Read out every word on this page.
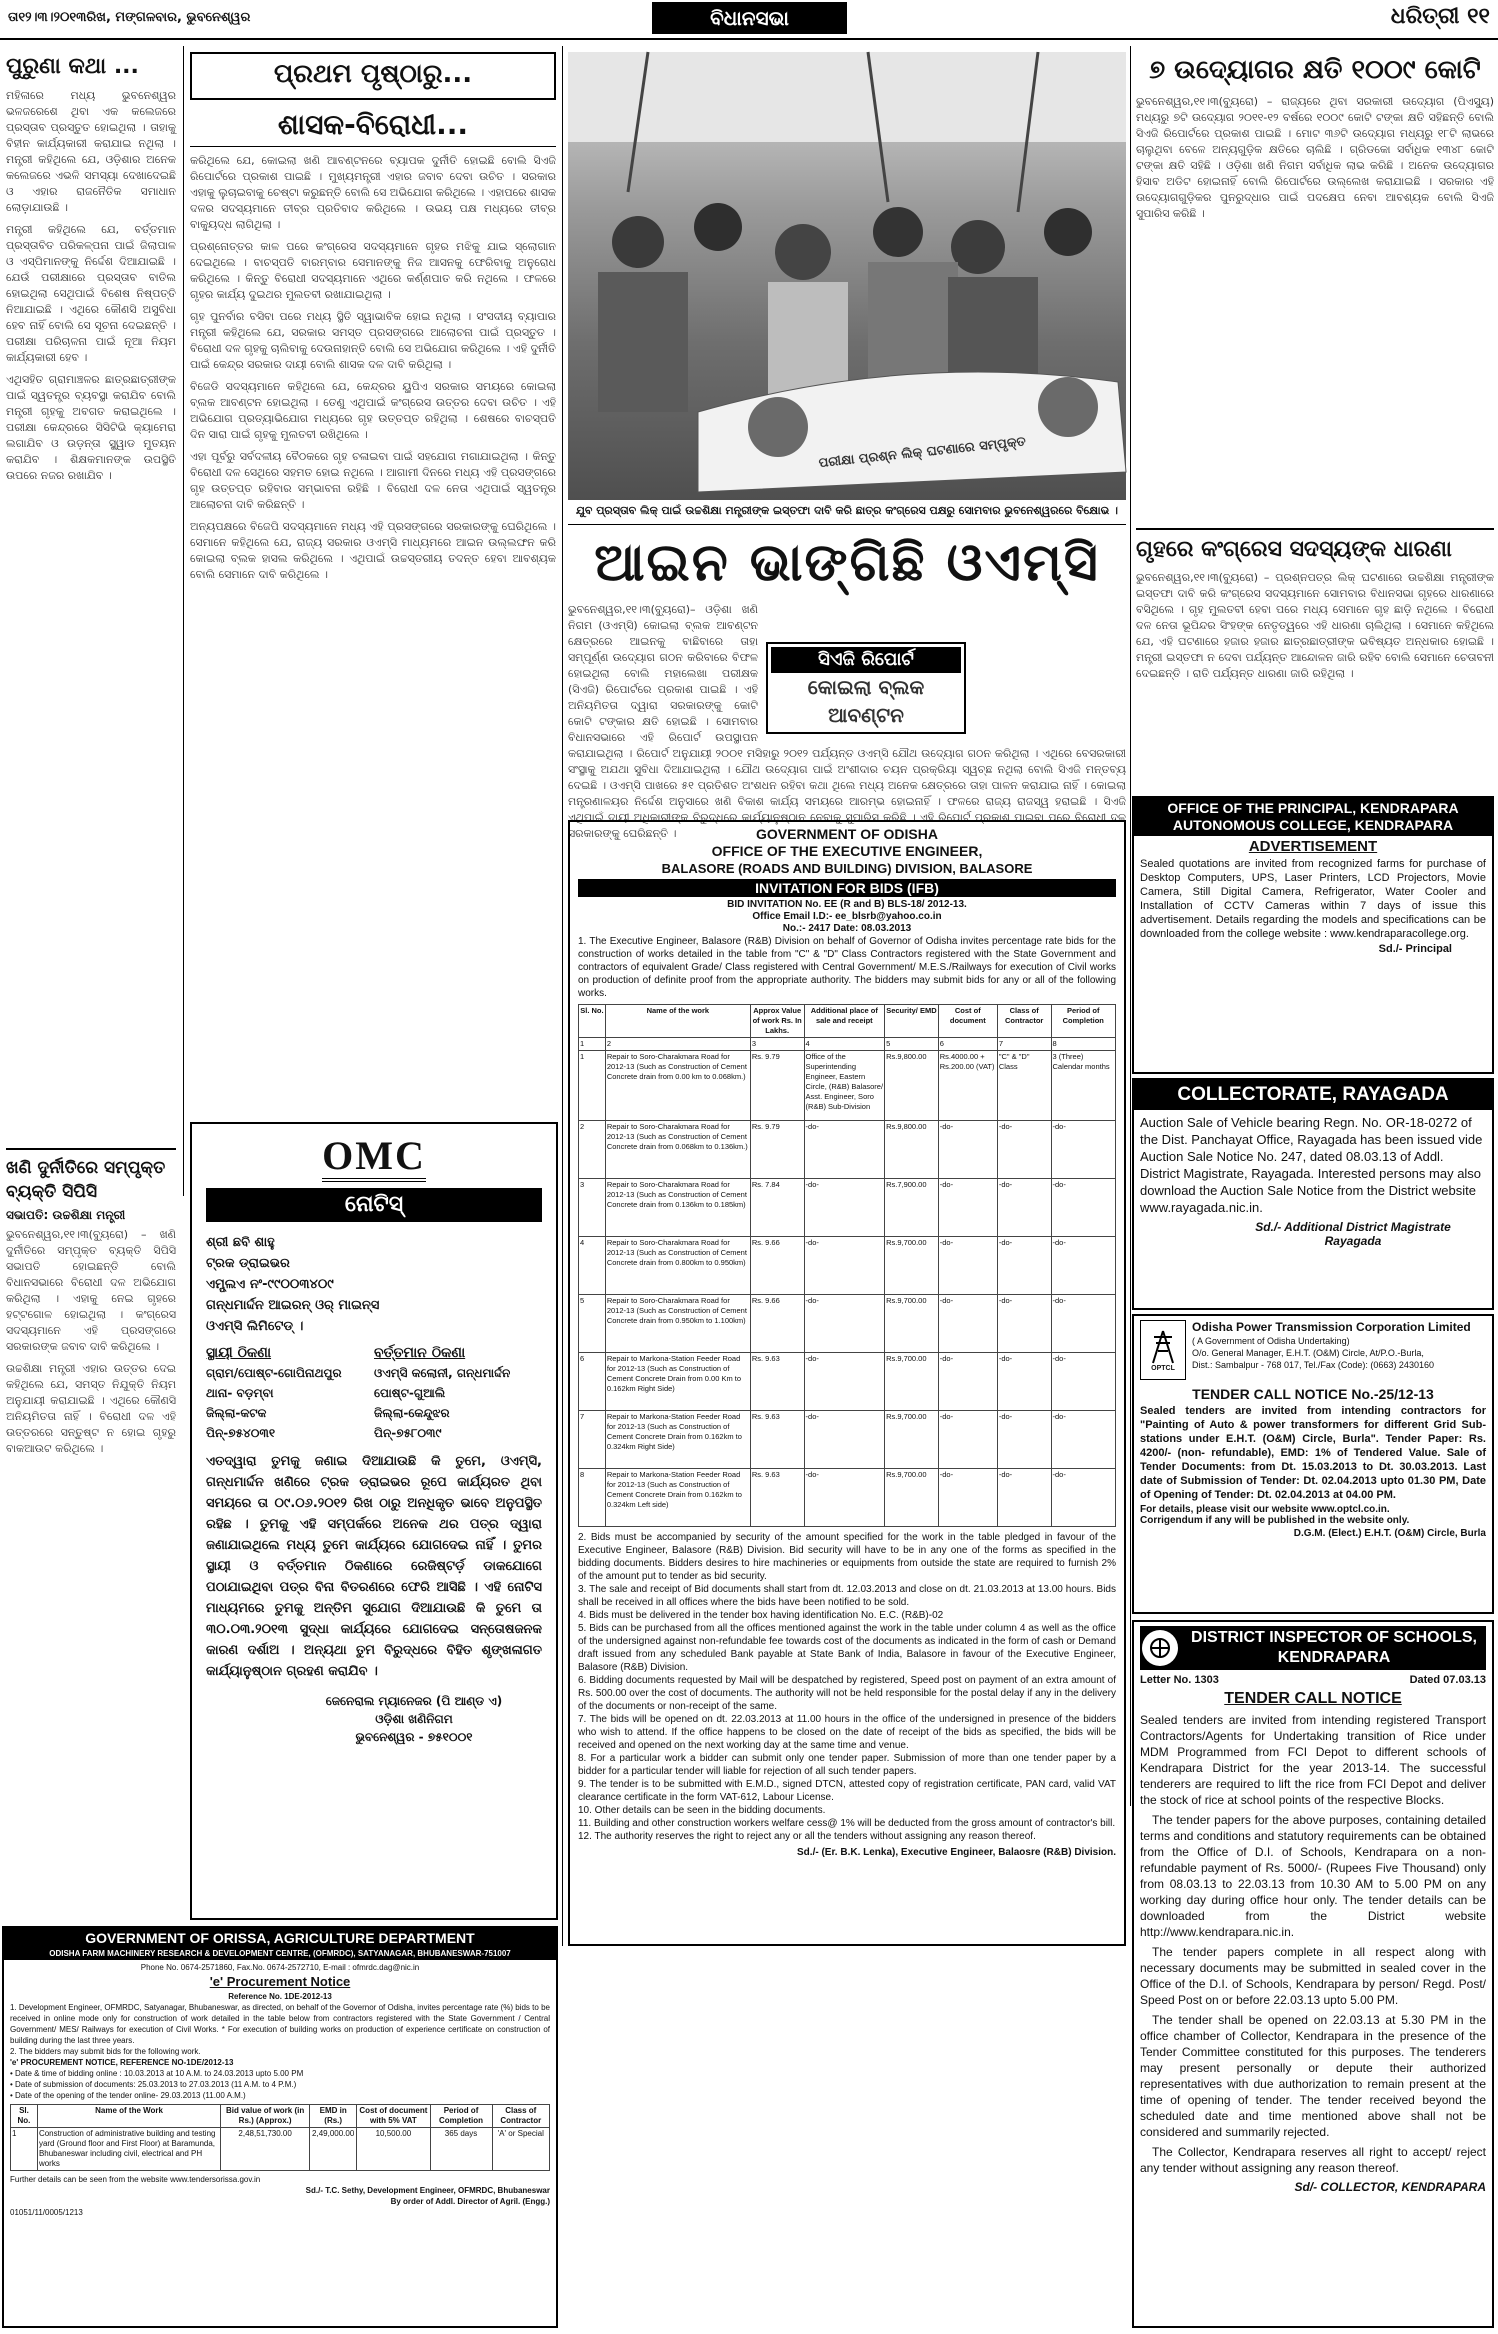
ତା୧୨।୩।୨୦୧୩ରିଖ, ମଙ୍ଗଳବାର, ଭୁବନେଶ୍ୱର	ବିଧାନସଭା	ଧରିତ୍ରୀ ୧୧
ପୁରୁଣା କଥା ...

ମହିଳାରେ ମଧ୍ୟ ଭୁବନେଶ୍ୱର ଭଳଜରେଶେ ଥିବା ଏକ କଲେଜରେ ପ୍ରସ୍ତାବ ପ୍ରସ୍ତୁତ ହୋଇଥିଲା । ତାହାକୁ ବିହୀନ କାର୍ଯ୍ୟକାରୀ କରାଯାଇ ନଥିଲା । ମନ୍ତ୍ରୀ କହିଥିଲେ ଯେ, ଓଡ଼ିଶାର ଅନେକ କଲେଜରେ ଏଭଳି ସମସ୍ୟା ଦେଖାଦେଇଛି ଓ ଏହାର ରାଜନୈତିକ ସମାଧାନ ଲୋଡ଼ାଯାଉଛି ।

ମନ୍ତ୍ରୀ କହିଥିଲେ ଯେ, ବର୍ତ୍ତମାନ ପ୍ରସ୍ତାବିତ ପରିକଳ୍ପନା ପାଇଁ ଜିଲାପାଳ ଓ ଏସ୍ପିମାନଙ୍କୁ ନିର୍ଦ୍ଦେଶ ଦିଆଯାଇଛି । ଯେଉଁ ପରୀକ୍ଷାରେ ପ୍ରସ୍ତାବ ବାତିଲ ହୋଇଥିଲା ସେଥିପାଇଁ ବିଶେଷ ନିଷ୍ପତ୍ତି ନିଆଯାଇଛି । ଏଥିରେ କୌଣସି ଅସୁବିଧା ହେବ ନାହିଁ ବୋଲି ସେ ସୂଚନା ଦେଇଛନ୍ତି । ପରୀକ୍ଷା ପରିଚାଳନା ପାଇଁ ନୂଆ ନିୟମ କାର୍ଯ୍ୟକାରୀ ହେବ ।

ଏଥିସହିତ ଗ୍ରାମାଞ୍ଚଳର ଛାତ୍ରଛାତ୍ରୀଙ୍କ ପାଇଁ ସ୍ୱତନ୍ତ୍ର ବ୍ୟବସ୍ଥା କରାଯିବ ବୋଲି ମନ୍ତ୍ରୀ ଗୃହକୁ ଅବଗତ କରାଇଥିଲେ । ପରୀକ୍ଷା କେନ୍ଦ୍ରରେ ସିସିଟିଭି କ୍ୟାମେରା ଲଗାଯିବ ଓ ଉଡ଼ନ୍ତା ସ୍କ୍ୱାଡ ମୁତୟନ କରାଯିବ । ଶିକ୍ଷକମାନଙ୍କ ଉପସ୍ଥିତି ଉପରେ ନଜର ରଖାଯିବ ।

ଖଣି ଦୁର୍ନୀତିରେ ସମ୍ପୃକ୍ତ ବ୍ୟକ୍ତି ସିପିସି
ସଭାପତି: ଉଚ୍ଚଶିକ୍ଷା ମନ୍ତ୍ରୀ

ଭୁବନେଶ୍ୱର,୧୧।୩(ବ୍ୟୁରୋ) – ଖଣି ଦୁର୍ନୀତିରେ ସମ୍ପୃକ୍ତ ବ୍ୟକ୍ତି ସିପିସି ସଭାପତି ହୋଇଛନ୍ତି ବୋଲି ବିଧାନସଭାରେ ବିରୋଧୀ ଦଳ ଅଭିଯୋଗ କରିଥିଲା । ଏହାକୁ ନେଇ ଗୃହରେ ହଟ୍ଟଗୋଳ ହୋଇଥିଲା । କଂଗ୍ରେସ ସଦସ୍ୟମାନେ ଏହି ପ୍ରସଙ୍ଗରେ ସରକାରଙ୍କ ଜବାବ ଦାବି କରିଥିଲେ ।

ଉଚ୍ଚଶିକ୍ଷା ମନ୍ତ୍ରୀ ଏହାର ଉତ୍ତର ଦେଇ କହିଥିଲେ ଯେ, ସମସ୍ତ ନିଯୁକ୍ତି ନିୟମ ଅନୁଯାୟୀ କରାଯାଇଛି । ଏଥିରେ କୌଣସି ଅନିୟମିତତା ନାହିଁ । ବିରୋଧୀ ଦଳ ଏହି ଉତ୍ତରରେ ସନ୍ତୁଷ୍ଟ ନ ହୋଇ ଗୃହରୁ ବାକଆଉଟ କରିଥିଲେ ।

ପ୍ରଥମ ପୃଷ୍ଠାରୁ...
ଶାସକ-ବିରୋଧୀ...

କରିଥିଲେ ଯେ, କୋଇଲା ଖଣି ଆବଣ୍ଟନରେ ବ୍ୟାପକ ଦୁର୍ନୀତି ହୋଇଛି ବୋଲି ସିଏଜି ରିପୋର୍ଟରେ ପ୍ରକାଶ ପାଇଛି । ମୁଖ୍ୟମନ୍ତ୍ରୀ ଏହାର ଜବାବ ଦେବା ଉଚିତ । ସରକାର ଏହାକୁ ଲୁଚାଇବାକୁ ଚେଷ୍ଟା କରୁଛନ୍ତି ବୋଲି ସେ ଅଭିଯୋଗ କରିଥିଲେ । ଏହାପରେ ଶାସକ ଦଳର ସଦସ୍ୟମାନେ ତୀବ୍ର ପ୍ରତିବାଦ କରିଥିଲେ । ଉଭୟ ପକ୍ଷ ମଧ୍ୟରେ ତୀବ୍ର ବାକ୍ୟୁଦ୍ଧ ଲାଗିଥିଲା ।

ପ୍ରଶ୍ନୋତ୍ତର କାଳ ପରେ କଂଗ୍ରେସ ସଦସ୍ୟମାନେ ଗୃହର ମଝିକୁ ଯାଇ ସ୍ଲୋଗାନ ଦେଇଥିଲେ । ବାଚସ୍ପତି ବାରମ୍ବାର ସେମାନଙ୍କୁ ନିଜ ଆସନକୁ ଫେରିବାକୁ ଅନୁରୋଧ କରିଥିଲେ । କିନ୍ତୁ ବିରୋଧୀ ସଦସ୍ୟମାନେ ଏଥିରେ କର୍ଣ୍ଣପାତ କରି ନଥିଲେ । ଫଳରେ ଗୃହର କାର୍ଯ୍ୟ ଦୁଇଥର ମୁଲତବୀ ରଖାଯାଇଥିଲା ।

ଗୃହ ପୁନର୍ବାର ବସିବା ପରେ ମଧ୍ୟ ସ୍ଥିତି ସ୍ୱାଭାବିକ ହୋଇ ନଥିଲା । ସଂସଦୀୟ ବ୍ୟାପାର ମନ୍ତ୍ରୀ କହିଥିଲେ ଯେ, ସରକାର ସମସ୍ତ ପ୍ରସଙ୍ଗରେ ଆଲୋଚନା ପାଇଁ ପ୍ରସ୍ତୁତ । ବିରୋଧୀ ଦଳ ଗୃହକୁ ଚାଲିବାକୁ ଦେଉନାହାନ୍ତି ବୋଲି ସେ ଅଭିଯୋଗ କରିଥିଲେ । ଏହି ଦୁର୍ନୀତି ପାଇଁ କେନ୍ଦ୍ର ସରକାର ଦାୟୀ ବୋଲି ଶାସକ ଦଳ ଦାବି କରିଥିଲା ।

ବିଜେଡି ସଦସ୍ୟମାନେ କହିଥିଲେ ଯେ, କେନ୍ଦ୍ରର ୟୁପିଏ ସରକାର ସମୟରେ କୋଇଲା ବ୍ଲକ ଆବଣ୍ଟନ ହୋଇଥିଲା । ତେଣୁ ଏଥିପାଇଁ କଂଗ୍ରେସ ଉତ୍ତର ଦେବା ଉଚିତ । ଏହି ଅଭିଯୋଗ ପ୍ରତ୍ୟାଭିଯୋଗ ମଧ୍ୟରେ ଗୃହ ଉତ୍ତପ୍ତ ରହିଥିଲା । ଶେଷରେ ବାଚସ୍ପତି ଦିନ ସାରା ପାଇଁ ଗୃହକୁ ମୁଲତବୀ ରଖିଥିଲେ ।

ଏହା ପୂର୍ବରୁ ସର୍ବଦଳୀୟ ବୈଠକରେ ଗୃହ ଚଳାଇବା ପାଇଁ ସହଯୋଗ ମଗାଯାଇଥିଲା । କିନ୍ତୁ ବିରୋଧୀ ଦଳ ସେଥିରେ ସହମତ ହୋଇ ନଥିଲେ । ଆଗାମୀ ଦିନରେ ମଧ୍ୟ ଏହି ପ୍ରସଙ୍ଗରେ ଗୃହ ଉତ୍ତପ୍ତ ରହିବାର ସମ୍ଭାବନା ରହିଛି । ବିରୋଧୀ ଦଳ ନେତା ଏଥିପାଇଁ ସ୍ୱତନ୍ତ୍ର ଆଲୋଚନା ଦାବି କରିଛନ୍ତି ।

ଅନ୍ୟପକ୍ଷରେ ବିଜେପି ସଦସ୍ୟମାନେ ମଧ୍ୟ ଏହି ପ୍ରସଙ୍ଗରେ ସରକାରଙ୍କୁ ଘେରିଥିଲେ । ସେମାନେ କହିଥିଲେ ଯେ, ରାଜ୍ୟ ସରକାର ଓଏମ୍ସି ମାଧ୍ୟମରେ ଆଇନ ଉଲ୍ଲଙ୍ଘନ କରି କୋଇଲା ବ୍ଲକ ହାସଲ କରିଥିଲେ । ଏଥିପାଇଁ ଉଚ୍ଚସ୍ତରୀୟ ତଦନ୍ତ ହେବା ଆବଶ୍ୟକ ବୋଲି ସେମାନେ ଦାବି କରିଥିଲେ ।

OMC
ନୋଟିସ୍
ଶ୍ରୀ ଛବି ଶାହୁ
ଟ୍ରକ ଡ୍ରାଇଭର
ଏମ୍ପ୍ଲଏ ନଂ-୯୯୦୦୩୪୦୯
ଗନ୍ଧମାର୍ଦ୍ଦନ ଆଇରନ୍ ଓର୍ ମାଇନ୍ସ
ଓଏମ୍ସି ଲିମିଟେଡ୍ ।
ସ୍ଥାୟୀ ଠିକଣା
ଗ୍ରାମ/ପୋଷ୍ଟ-ଗୋପିନାଥପୁର
ଥାନା- ବଡ଼ମ୍ବା
ଜିଲ୍ଲା-କଟକ
ପିନ୍-୭୫୪୦୩୧
ବର୍ତ୍ତମାନ ଠିକଣା
ଓଏମ୍ସି କଲୋନୀ, ଗନ୍ଧମାର୍ଦ୍ଦନ
ପୋଷ୍ଟ-ଗୁଆଲି
ଜିଲ୍ଲା-କେନ୍ଦୁଝର
ପିନ୍-୭୫୮୦୩୯
ଏତଦ୍ୱାରା ତୁମକୁ ଜଣାଇ ଦିଆଯାଉଛି କି ତୁମେ, ଓଏମ୍ସି, ଗନ୍ଧମାର୍ଦ୍ଦନ ଖଣିରେ ଟ୍ରକ ଡ୍ରାଇଭର ରୂପେ କାର୍ଯ୍ୟରତ ଥିବା ସମୟରେ ତା ୦୯.୦୬.୨୦୧୨ ରିଖ ଠାରୁ ଅନଧିକୃତ ଭାବେ ଅନୁପସ୍ଥିତ ରହିଛ । ତୁମକୁ ଏହି ସମ୍ପର୍କରେ ଅନେକ ଥର ପତ୍ର ଦ୍ୱାରା ଜଣାଯାଇଥିଲେ ମଧ୍ୟ ତୁମେ କାର୍ଯ୍ୟରେ ଯୋଗଦେଇ ନାହିଁ । ତୁମର ସ୍ଥାୟୀ ଓ ବର୍ତ୍ତମାନ ଠିକଣାରେ ରେଜିଷ୍ଟର୍ଡ଼ ଡାକଯୋଗେ ପଠାଯାଇଥିବା ପତ୍ର ବିନା ବିତରଣରେ ଫେରି ଆସିଛି । ଏହି ନୋଟିସ ମାଧ୍ୟମରେ ତୁମକୁ ଅନ୍ତିମ ସୁଯୋଗ ଦିଆଯାଉଛି କି ତୁମେ ତା ୩୦.୦୩.୨୦୧୩ ସୁଦ୍ଧା କାର୍ଯ୍ୟରେ ଯୋଗଦେଇ ସନ୍ତୋଷଜନକ କାରଣ ଦର୍ଶାଅ । ଅନ୍ୟଥା ତୁମ ବିରୁଦ୍ଧରେ ବିହିତ ଶୃଙ୍ଖଳାଗତ କାର୍ଯ୍ୟାନୁଷ୍ଠାନ ଗ୍ରହଣ କରାଯିବ ।
ଜେନେରାଲ ମ୍ୟାନେଜର (ପି ଆଣ୍ଡ ଏ)
ଓଡ଼ିଶା ଖଣିନିଗମ
ଭୁବନେଶ୍ୱର - ୭୫୧୦୦୧
GOVERNMENT OF ORISSA, AGRICULTURE DEPARTMENT
ODISHA FARM MACHINERY RESEARCH & DEVELOPMENT CENTRE, (OFMRDC), SATYANAGAR, BHUBANESWAR-751007
Phone No. 0674-2571860, Fax.No. 0674-2572710, E-mail : ofmrdc.dag@nic.in
'e' Procurement Notice
Reference No. 1DE-2012-13
1. Development Engineer, OFMRDC, Satyanagar, Bhubaneswar, as directed, on behalf of the Governor of Odisha, invites percentage rate (%) bids to be received in online mode only for construction of work detailed in the table below from contractors registered with the State Government / Central Government/ MES/ Railways for execution of Civil Works. * For execution of building works on production of experience certificate on construction of building during the last three years.
2. The bidders may submit bids for the following work.
'e' PROCUREMENT NOTICE, REFERENCE NO-1DE/2012-13
• Date & time of bidding online : 10.03.2013 at 10 A.M. to 24.03.2013 upto 5.00 PM
• Date of submission of documents: 25.03.2013 to 27.03.2013 (11 A.M. to 4 P.M.)
• Date of the opening of the tender online- 29.03.2013 (11.00 A.M.)
Sl. No.	Name of the Work	Bid value of work (in Rs.) (Approx.)	EMD in (Rs.)	Cost of document with 5% VAT	Period of Completion	Class of Contractor
1	Construction of administrative building and testing yard (Ground floor and First Floor) at Baramunda, Bhubaneswar including civil, electrical and PH works	2,48,51,730.00	2,49,000.00	10,500.00	365 days	'A' or Special
Further details can be seen from the website www.tendersorissa.gov.in
Sd./- T.C. Sethy, Development Engineer, OFMRDC, Bhubaneswar
By order of Addl. Director of Agril. (Engg.)
01051/11/0005/1213
ପରୀକ୍ଷା ପ୍ରଶ୍ନ ଲିକ୍ ଘଟଣାରେ ସମ୍ପୃକ୍ତ
ଯୁବ ପ୍ରସ୍ତାବ ଲିକ୍ ପାଇଁ ଉଚ୍ଚଶିକ୍ଷା ମନ୍ତ୍ରୀଙ୍କ ଇସ୍ତଫା ଦାବି କରି ଛାତ୍ର କଂଗ୍ରେସ ପକ୍ଷରୁ ସୋମବାର ଭୁବନେଶ୍ୱରରେ ବିକ୍ଷୋଭ ।
ଆଇନ ଭାଙ୍ଗିଛି ଓଏମ୍ସି
ସିଏଜି ରିପୋର୍ଟ
କୋଇଲା ବ୍ଲକ ଆବଣ୍ଟନ

ଭୁବନେଶ୍ୱର,୧୧।୩(ବ୍ୟୁରୋ)– ଓଡ଼ିଶା ଖଣି ନିଗମ (ଓଏମ୍ସି) କୋଇଲା ବ୍ଲକ ଆବଣ୍ଟନ କ୍ଷେତ୍ରରେ ଆଇନକୁ ବାଛିବାରେ ତାହା ସମ୍ପୂର୍ଣ୍ଣ ଉଦ୍ୟୋଗ ଗଠନ କରିବାରେ ବିଫଳ ହୋଇଥିଲା ବୋଲି ମହାଲେଖା ପରୀକ୍ଷକ (ସିଏଜି) ରିପୋର୍ଟରେ ପ୍ରକାଶ ପାଇଛି । ଏହି ଅନିୟମିତତା ଦ୍ୱାରା ସରକାରଙ୍କୁ କୋଟି କୋଟି ଟଙ୍କାର କ୍ଷତି ହୋଇଛି । ସୋମବାର ବିଧାନସଭାରେ ଏହି ରିପୋର୍ଟ ଉପସ୍ଥାପନ କରାଯାଇଥିଲା । ରିପୋର୍ଟ ଅନୁଯାୟୀ ୨୦୦୧ ମସିହାରୁ ୨୦୧୨ ପର୍ଯ୍ୟନ୍ତ ଓଏମ୍ସି ଯୌଥ ଉଦ୍ୟୋଗ ଗଠନ କରିଥିଲା । ଏଥିରେ ବେସରକାରୀ ସଂସ୍ଥାକୁ ଅଯଥା ସୁବିଧା ଦିଆଯାଇଥିଲା । ଯୌଥ ଉଦ୍ୟୋଗ ପାଇଁ ଅଂଶୀଦାର ଚୟନ ପ୍ରକ୍ରିୟା ସ୍ୱଚ୍ଛ ନଥିଲା ବୋଲି ସିଏଜି ମନ୍ତବ୍ୟ ଦେଇଛି । ଓଏମ୍ସି ପାଖରେ ୫୧ ପ୍ରତିଶତ ଅଂଶଧନ ରହିବା କଥା ଥିଲେ ମଧ୍ୟ ଅନେକ କ୍ଷେତ୍ରରେ ତାହା ପାଳନ କରାଯାଇ ନାହିଁ । କୋଇଲା ମନ୍ତ୍ରଣାଳୟର ନିର୍ଦ୍ଦେଶ ଅନୁସାରେ ଖଣି ବିକାଶ କାର୍ଯ୍ୟ ସମୟରେ ଆରମ୍ଭ ହୋଇନାହିଁ । ଫଳରେ ରାଜ୍ୟ ରାଜସ୍ୱ ହରାଇଛି । ସିଏଜି ଏଥିପାଇଁ ଦାୟୀ ଅଧିକାରୀଙ୍କ ବିରୁଦ୍ଧରେ କାର୍ଯ୍ୟାନୁଷ୍ଠାନ ନେବାକୁ ସୁପାରିସ କରିଛି । ଏହି ରିପୋର୍ଟ ପ୍ରକାଶ ପାଇବା ପରେ ବିରୋଧୀ ଦଳ ସରକାରଙ୍କୁ ଘେରିଛନ୍ତି ।	GOVERNMENT OF ODISHA
OFFICE OF THE EXECUTIVE ENGINEER,
BALASORE (ROADS AND BUILDING) DIVISION, BALASORE
INVITATION FOR BIDS (IFB)
BID INVITATION No. EE (R and B) BLS-18/ 2012-13.
Office Email I.D:- ee_blsrb@yahoo.co.in
No.:- 2417 Date: 08.03.2013
1. The Executive Engineer, Balasore (R&B) Division on behalf of Governor of Odisha invites percentage rate bids for the construction of works detailed in the table from "C" & "D" Class Contractors registered with the State Government and contractors of equivalent Grade/ Class registered with Central Government/ M.E.S./Railways for execution of Civil works on production of definite proof from the appropriate authority. The bidders may submit bids for any or all of the following works.
Sl. No.	Name of the work	Approx Value of work Rs. In Lakhs.	Additional place of sale and receipt	Security/ EMD	Cost of document	Class of Contractor	Period of Completion
1	2	3	4	5	6	7	8
1	Repair to Soro-Charakmara Road for 2012-13 (Such as Construction of Cement Concrete drain from 0.00 km to 0.068km.)	Rs. 9.79	Office of the Superintending Engineer, Eastern Circle, (R&B) Balasore/ Asst. Engineer, Soro (R&B) Sub-Division	Rs.9,800.00	Rs.4000.00 + Rs.200.00 (VAT)	"C" & "D" Class	3 (Three) Calendar months
2	Repair to Soro-Charakmara Road for 2012-13 (Such as Construction of Cement Concrete drain from 0.068km to 0.136km.)	Rs. 9.79	-do-	Rs.9,800.00	-do-	-do-	-do-
3	Repair to Soro-Charakmara Road for 2012-13 (Such as Construction of Cement Concrete drain from 0.136km to 0.185km)	Rs. 7.84	-do-	Rs.7,900.00	-do-	-do-	-do-
4	Repair to Soro-Charakmara Road for 2012-13 (Such as Construction of Cement Concrete drain from 0.800km to 0.950km)	Rs. 9.66	-do-	Rs.9,700.00	-do-	-do-	-do-
5	Repair to Soro-Charakmara Road for 2012-13 (Such as Construction of Cement Concrete drain from 0.950km to 1.100km)	Rs. 9.66	-do-	Rs.9,700.00	-do-	-do-	-do-
6	Repair to Markona-Station Feeder Road for 2012-13 (Such as Construction of Cement Concrete Drain from 0.00 Km to 0.162km Right Side)	Rs. 9.63	-do-	Rs.9,700.00	-do-	-do-	-do-
7	Repair to Markona-Station Feeder Road for 2012-13 (Such as Construction of Cement Concrete Drain from 0.162km to 0.324km Right Side)	Rs. 9.63	-do-	Rs.9,700.00	-do-	-do-	-do-
8	Repair to Markona-Station Feeder Road for 2012-13 (Such as Construction of Cement Concrete Drain from 0.162km to 0.324km Left side)	Rs. 9.63	-do-	Rs.9,700.00	-do-	-do-	-do-
2. Bids must be accompanied by security of the amount specified for the work in the table pledged in favour of the Executive Engineer, Balasore (R&B) Division. Bid security will have to be in any one of the forms as specified in the bidding documents. Bidders desires to hire machineries or equipments from outside the state are required to furnish 2% of the amount put to tender as bid security.
3. The sale and receipt of Bid documents shall start from dt. 12.03.2013 and close on dt. 21.03.2013 at 13.00 hours. Bids shall be received in all offices where the bids have been notified to be sold.
4. Bids must be delivered in the tender box having identification No. E.C. (R&B)-02
5. Bids can be purchased from all the offices mentioned against the work in the table under column 4 as well as the office of the undersigned against non-refundable fee towards cost of the documents as indicated in the form of cash or Demand draft issued from any scheduled Bank payable at State Bank of India, Balasore in favour of the Executive Engineer, Balasore (R&B) Division.
6. Bidding documents requested by Mail will be despatched by registered, Speed post on payment of an extra amount of Rs. 500.00 over the cost of documents. The authority will not be held responsible for the postal delay if any in the delivery of the documents or non-receipt of the same.
7. The bids will be opened on dt. 22.03.2013 at 11.00 hours in the office of the undersigned in presence of the bidders who wish to attend. If the office happens to be closed on the date of receipt of the bids as specified, the bids will be received and opened on the next working day at the same time and venue.
8. For a particular work a bidder can submit only one tender paper. Submission of more than one tender paper by a bidder for a particular tender will liable for rejection of all such tender papers.
9. The tender is to be submitted with E.M.D., signed DTCN, attested copy of registration certificate, PAN card, valid VAT clearance certificate in the form VAT-612, Labour License.
10. Other details can be seen in the bidding documents.
11. Building and other construction workers welfare cess@ 1% will be deducted from the gross amount of contractor's bill.
12. The authority reserves the right to reject any or all the tenders without assigning any reason thereof.
Sd./- (Er. B.K. Lenka), Executive Engineer, Balaosre (R&B) Division.
୭ ଉଦ୍ୟୋଗର କ୍ଷତି ୧୦୦୯ କୋଟି

ଭୁବନେଶ୍ୱର,୧୧।୩(ବ୍ୟୁରୋ) – ରାଜ୍ୟରେ ଥିବା ସରକାରୀ ଉଦ୍ୟୋଗ (ପିଏସ୍ୟୁ) ମଧ୍ୟରୁ ୭ଟି ଉଦ୍ୟୋଗ ୨୦୧୧-୧୨ ବର୍ଷରେ ୧୦୦୯ କୋଟି ଟଙ୍କା କ୍ଷତି ସହିଛନ୍ତି ବୋଲି ସିଏଜି ରିପୋର୍ଟରେ ପ୍ରକାଶ ପାଇଛି । ମୋଟ ୩୬ଟି ଉଦ୍ୟୋଗ ମଧ୍ୟରୁ ୧୮ଟି ଲାଭରେ ଚାଲୁଥିବା ବେଳେ ଅନ୍ୟଗୁଡ଼ିକ କ୍ଷତିରେ ଚାଲିଛି । ଗ୍ରିଡକୋ ସର୍ବାଧିକ ୧୩୪୮ କୋଟି ଟଙ୍କା କ୍ଷତି ସହିଛି । ଓଡ଼ିଶା ଖଣି ନିଗମ ସର୍ବାଧିକ ଲାଭ କରିଛି । ଅନେକ ଉଦ୍ୟୋଗର ହିସାବ ଅଡିଟ ହୋଇନାହିଁ ବୋଲି ରିପୋର୍ଟରେ ଉଲ୍ଲେଖ କରାଯାଇଛି । ସରକାର ଏହି ଉଦ୍ୟୋଗଗୁଡ଼ିକର ପୁନରୁଦ୍ଧାର ପାଇଁ ପଦକ୍ଷେପ ନେବା ଆବଶ୍ୟକ ବୋଲି ସିଏଜି ସୁପାରିସ କରିଛି ।

ଗୃହରେ କଂଗ୍ରେସ ସଦସ୍ୟଙ୍କ ଧାରଣା

ଭୁବନେଶ୍ୱର,୧୧।୩(ବ୍ୟୁରୋ) – ପ୍ରଶ୍ନପତ୍ର ଲିକ୍ ଘଟଣାରେ ଉଚ୍ଚଶିକ୍ଷା ମନ୍ତ୍ରୀଙ୍କ ଇସ୍ତଫା ଦାବି କରି କଂଗ୍ରେସ ସଦସ୍ୟମାନେ ସୋମବାର ବିଧାନସଭା ଗୃହରେ ଧାରଣାରେ ବସିଥିଲେ । ଗୃହ ମୁଲତବୀ ହେବା ପରେ ମଧ୍ୟ ସେମାନେ ଗୃହ ଛାଡ଼ି ନଥିଲେ । ବିରୋଧୀ ଦଳ ନେତା ଭୂପିନ୍ଦର ସିଂହଙ୍କ ନେତୃତ୍ୱରେ ଏହି ଧାରଣା ଚାଲିଥିଲା । ସେମାନେ କହିଥିଲେ ଯେ, ଏହି ଘଟଣାରେ ହଜାର ହଜାର ଛାତ୍ରଛାତ୍ରୀଙ୍କ ଭବିଷ୍ୟତ ଅନ୍ଧକାର ହୋଇଛି । ମନ୍ତ୍ରୀ ଇସ୍ତଫା ନ ଦେବା ପର୍ଯ୍ୟନ୍ତ ଆନ୍ଦୋଳନ ଜାରି ରହିବ ବୋଲି ସେମାନେ ଚେତାବନୀ ଦେଇଛନ୍ତି । ରାତି ପର୍ଯ୍ୟନ୍ତ ଧାରଣା ଜାରି ରହିଥିଲା ।

OFFICE OF THE PRINCIPAL, KENDRAPARA AUTONOMOUS COLLEGE, KENDRAPARA
ADVERTISEMENT
Sealed quotations are invited from recognized farms for purchase of Desktop Computers, UPS, Laser Printers, LCD Projectors, Movie Camera, Still Digital Camera, Refrigerator, Water Cooler and Installation of CCTV Cameras within 7 days of issue this advertisement. Details regarding the models and specifications can be downloaded from the college website : www.kendraparacollege.org.
Sd./- Principal
COLLECTORATE, RAYAGADA
Auction Sale of Vehicle bearing Regn. No. OR-18-0272 of the Dist. Panchayat Office, Rayagada has been issued vide Auction Sale Notice No. 247, dated 08.03.13 of Addl. District Magistrate, Rayagada. Interested persons may also download the Auction Sale Notice from the District website www.rayagada.nic.in.
Sd./- Additional District Magistrate
Rayagada
OPTCL
Odisha Power Transmission Corporation Limited
( A Government of Odisha Undertaking)
O/o. General Manager, E.H.T. (O&M) Circle, At/P.O.-Burla,
Dist.: Sambalpur - 768 017, Tel./Fax (Code): (0663) 2430160
TENDER CALL NOTICE No.-25/12-13
Sealed tenders are invited from intending contractors for "Painting of Auto & power transformers for different Grid Sub-stations under E.H.T. (O&M) Circle, Burla". Tender Paper: Rs. 4200/- (non- refundable), EMD: 1% of Tendered Value. Sale of Tender Documents: from Dt. 15.03.2013 to Dt. 30.03.2013. Last date of Submission of Tender: Dt. 02.04.2013 upto 01.30 PM, Date of Opening of Tender: Dt. 02.04.2013 at 04.00 PM.
For details, please visit our website www.optcl.co.in.
Corrigendum if any will be published in the website only.
D.G.M. (Elect.) E.H.T. (O&M) Circle, Burla
DISTRICT INSPECTOR OF SCHOOLS, KENDRAPARA
Letter No. 1303	Dated 07.03.13
TENDER CALL NOTICE

Sealed tenders are invited from intending registered Transport Contractors/Agents for Undertaking transition of Rice under MDM Programmed from FCI Depot to different schools of Kendrapara District for the year 2013-14. The successful tenderers are required to lift the rice from FCI Depot and deliver the stock of rice at school points of the respective Blocks.

The tender papers for the above purposes, containing detailed terms and conditions and statutory requirements can be obtained from the Office of D.I. of Schools, Kendrapara on a non-refundable payment of Rs. 5000/- (Rupees Five Thousand) only from 08.03.13 to 22.03.13 from 10.30 AM to 5.00 PM on any working day during office hour only. The tender details can be downloaded from the District website http://www.kendrapara.nic.in.

The tender papers complete in all respect along with necessary documents may be submitted in sealed cover in the Office of the D.I. of Schools, Kendrapara by person/ Regd. Post/ Speed Post on or before 22.03.13 upto 5.00 PM.

The tender shall be opened on 22.03.13 at 5.30 PM in the office chamber of Collector, Kendrapara in the presence of the Tender Committee constituted for this purposes. The tenderers may present personally or depute their authorized representatives with due authorization to remain present at the time of opening of tender. The tender received beyond the scheduled date and time mentioned above shall not be considered and summarily rejected.

The Collector, Kendrapara reserves all right to accept/ reject any tender without assigning any reason thereof.

Sd/- COLLECTOR, KENDRAPARA
